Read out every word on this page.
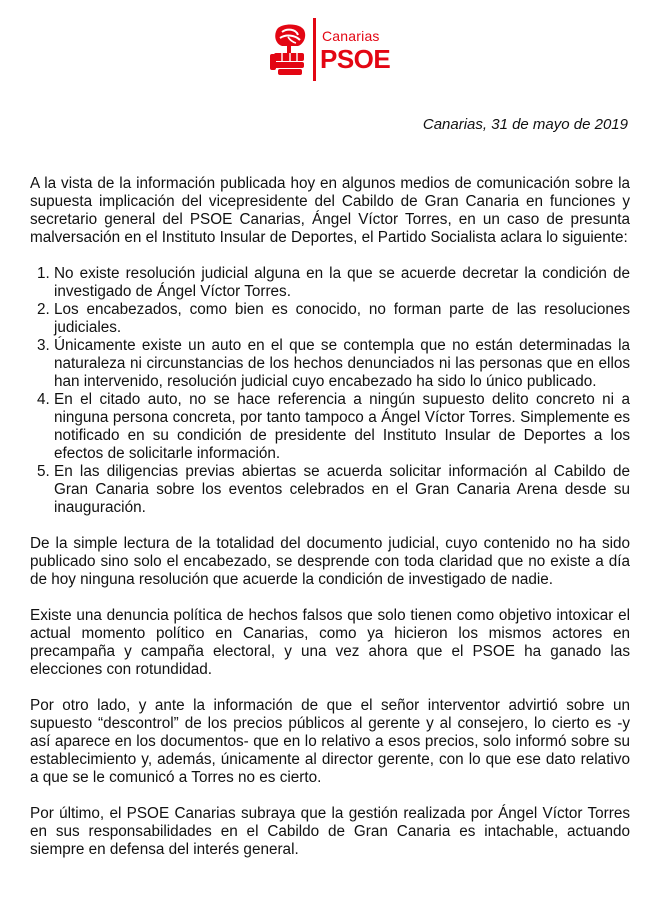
Canarias
PSOE
Canarias, 31 de mayo de 2019

A la vista de la información publicada hoy en algunos medios de comunicación sobre la supuesta implicación del vicepresidente del Cabildo de Gran Canaria en funciones y secretario general del PSOE Canarias, Ángel Víctor Torres, en un caso de presunta malversación en el Instituto Insular de Deportes, el Partido Socialista aclara lo siguiente:

1. No existe resolución judicial alguna en la que se acuerde decretar la condición de investigado de Ángel Víctor Torres.
2. Los encabezados, como bien es conocido, no forman parte de las resoluciones judiciales.
3. Únicamente existe un auto en el que se contempla que no están determinadas la naturaleza ni circunstancias de los hechos denunciados ni las personas que en ellos han intervenido, resolución judicial cuyo encabezado ha sido lo único publicado.
4. En el citado auto, no se hace referencia a ningún supuesto delito concreto ni a ninguna persona concreta, por tanto tampoco a Ángel Víctor Torres. Simplemente es notificado en su condición de presidente del Instituto Insular de Deportes a los efectos de solicitarle información.
5. En las diligencias previas abiertas se acuerda solicitar información al Cabildo de Gran Canaria sobre los eventos celebrados en el Gran Canaria Arena desde su inauguración.

De la simple lectura de la totalidad del documento judicial, cuyo contenido no ha sido publicado sino solo el encabezado, se desprende con toda claridad que no existe a día de hoy ninguna resolución que acuerde la condición de investigado de nadie.

Existe una denuncia política de hechos falsos que solo tienen como objetivo intoxicar el actual momento político en Canarias, como ya hicieron los mismos actores en precampaña y campaña electoral, y una vez ahora que el PSOE ha ganado las elecciones con rotundidad.

Por otro lado, y ante la información de que el señor interventor advirtió sobre un supuesto “descontrol” de los precios públicos al gerente y al consejero, lo cierto es -y así aparece en los documentos- que en lo relativo a esos precios, solo informó sobre su establecimiento y, además, únicamente al director gerente, con lo que ese dato relativo a que se le comunicó a Torres no es cierto.

Por último, el PSOE Canarias subraya que la gestión realizada por Ángel Víctor Torres en sus responsabilidades en el Cabildo de Gran Canaria es intachable, actuando siempre en defensa del interés general.
